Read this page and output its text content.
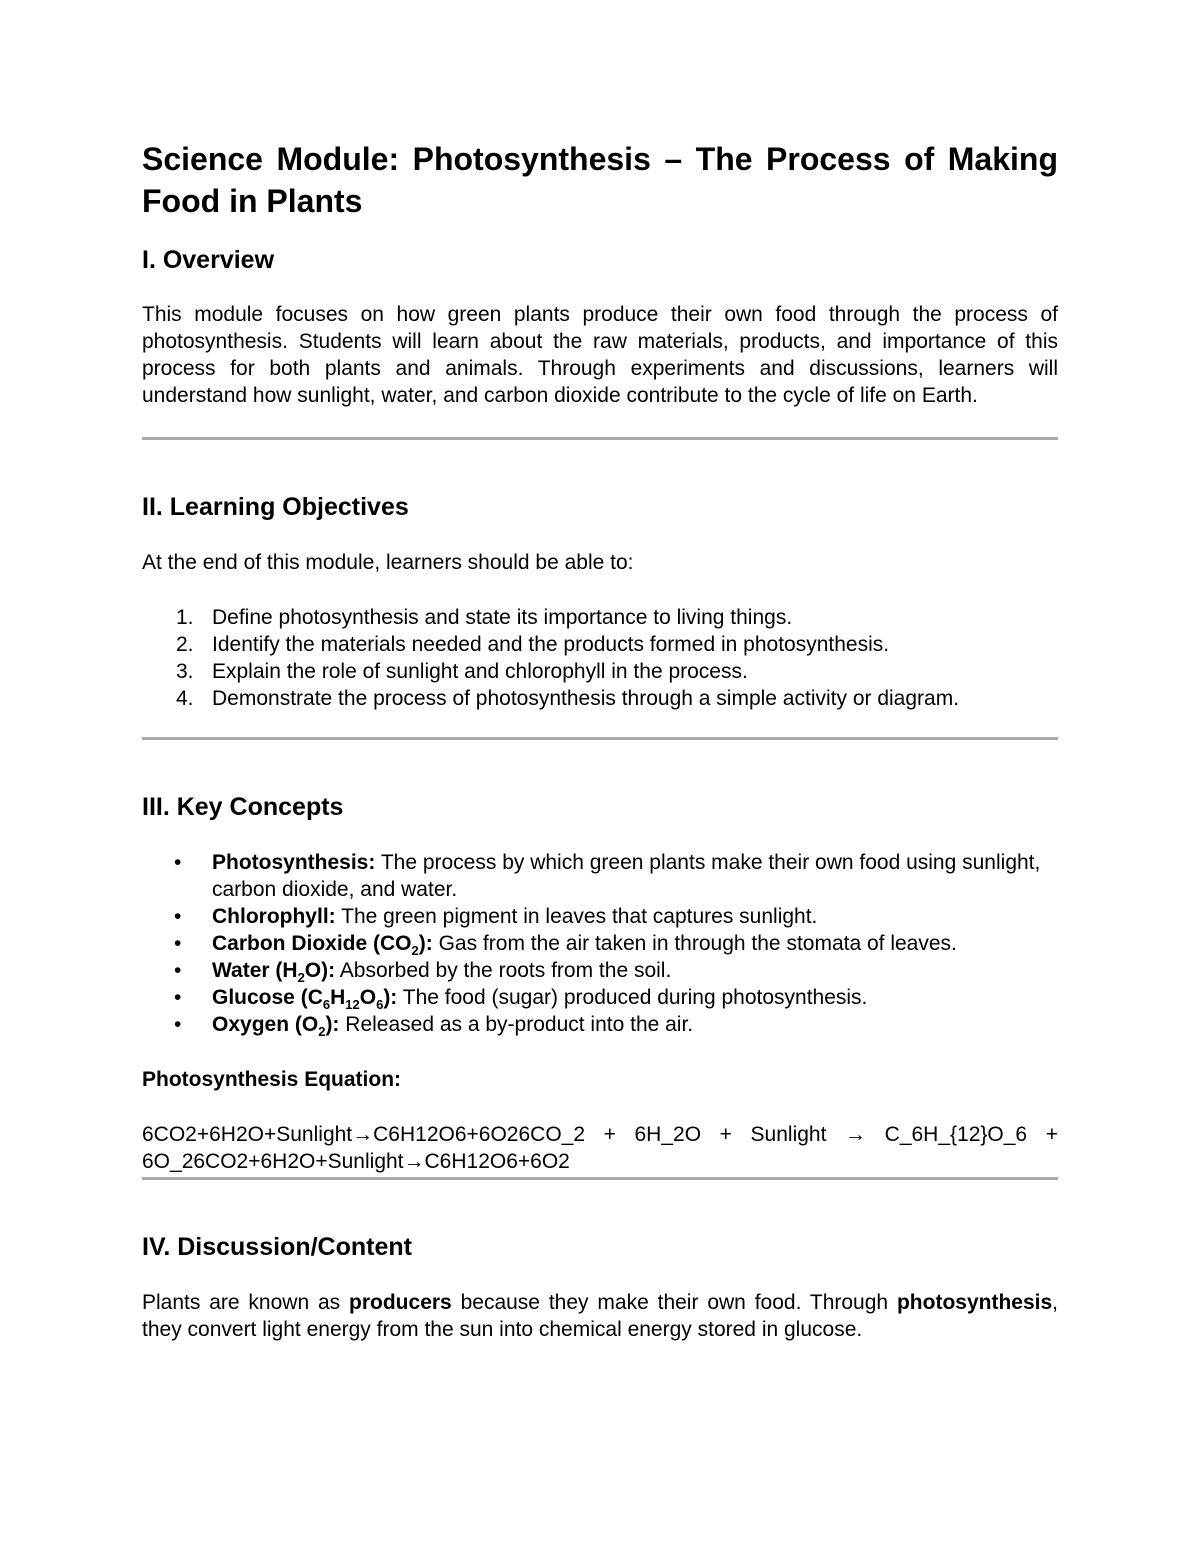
Science Module: Photosynthesis – The Process of Making Food in Plants
I. Overview

This module focuses on how green plants produce their own food through the process of photosynthesis. Students will learn about the raw materials, products, and importance of this process for both plants and animals. Through experiments and discussions, learners will understand how sunlight, water, and carbon dioxide contribute to the cycle of life on Earth.

II. Learning Objectives

At the end of this module, learners should be able to:

1. Define photosynthesis and state its importance to living things.
2. Identify the materials needed and the products formed in photosynthesis.
3. Explain the role of sunlight and chlorophyll in the process.
4. Demonstrate the process of photosynthesis through a simple activity or diagram.
III. Key Concepts
• Photosynthesis: The process by which green plants make their own food using sunlight, carbon dioxide, and water.
• Chlorophyll: The green pigment in leaves that captures sunlight.
• Carbon Dioxide $(CO_2)$: Gas from the air taken in through the stomata of leaves.
• Water $(H_2O)$: Absorbed by the roots from the soil.
• Glucose $(C_6H_{12}O_6)$: The food (sugar) produced during photosynthesis.
• Oxygen $(O_2)$: Released as a by-product into the air.

Photosynthesis Equation:

6CO2+6H2O+Sunlight→C6H12O6+6O26CO_2 + 6H_2O + Sunlight → C_6H_{12}O_6 + 6O_26CO2+6H2O+Sunlight→C6H12O6+6O2

IV. Discussion/Content

Plants are known as producers because they make their own food. Through photosynthesis, they convert light energy from the sun into chemical energy stored in glucose.
